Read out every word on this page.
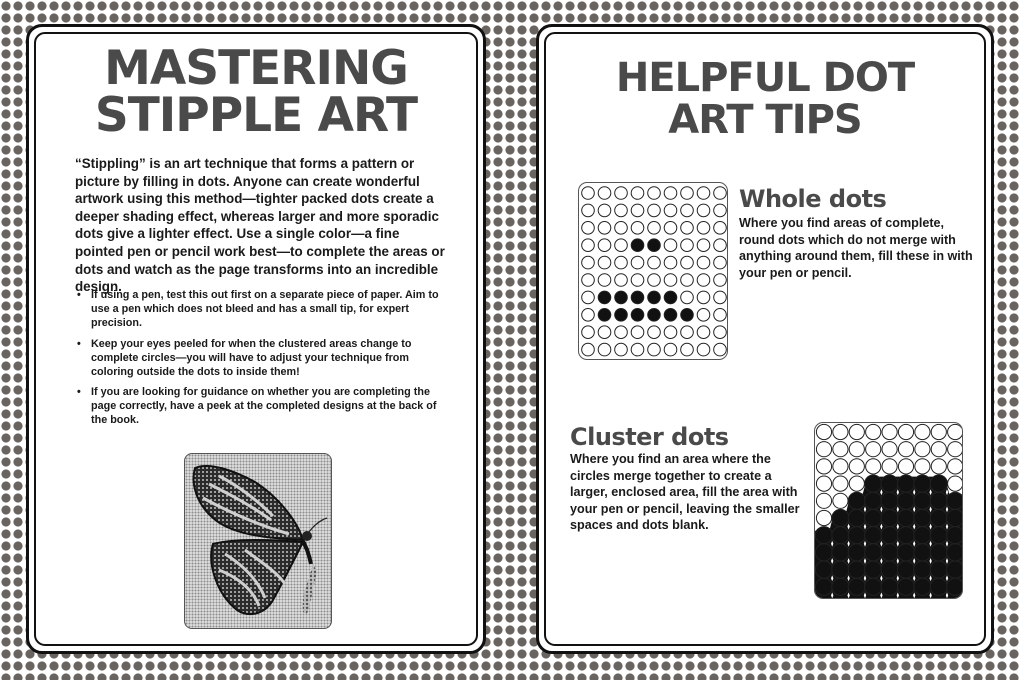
MASTERING
STIPPLE ART

“Stippling” is an art technique that forms a pattern or picture by filling in dots. Anyone can create wonderful artwork using this method—tighter packed dots create a deeper shading effect, whereas larger and more sporadic dots give a lighter effect. Use a single color—a fine pointed pen or pencil work best—to complete the areas or dots and watch as the page transforms into an incredible design.

• If using a pen, test this out first on a separate piece of paper. Aim to use a pen which does not bleed and has a small tip, for expert precision.
• Keep your eyes peeled for when the clustered areas change to complete circles—you will have to adjust your technique from coloring outside the dots to inside them!
• If you are looking for guidance on whether you are completing the page correctly, have a peek at the completed designs at the back of the book.
HELPFUL DOT
ART TIPS
Whole dots

Where you find areas of complete, round dots which do not merge with anything around them, fill these in with your pen or pencil.

Cluster dots

Where you find an area where the circles merge together to create a larger, enclosed area, fill the area with your pen or pencil, leaving the smaller spaces and dots blank.
